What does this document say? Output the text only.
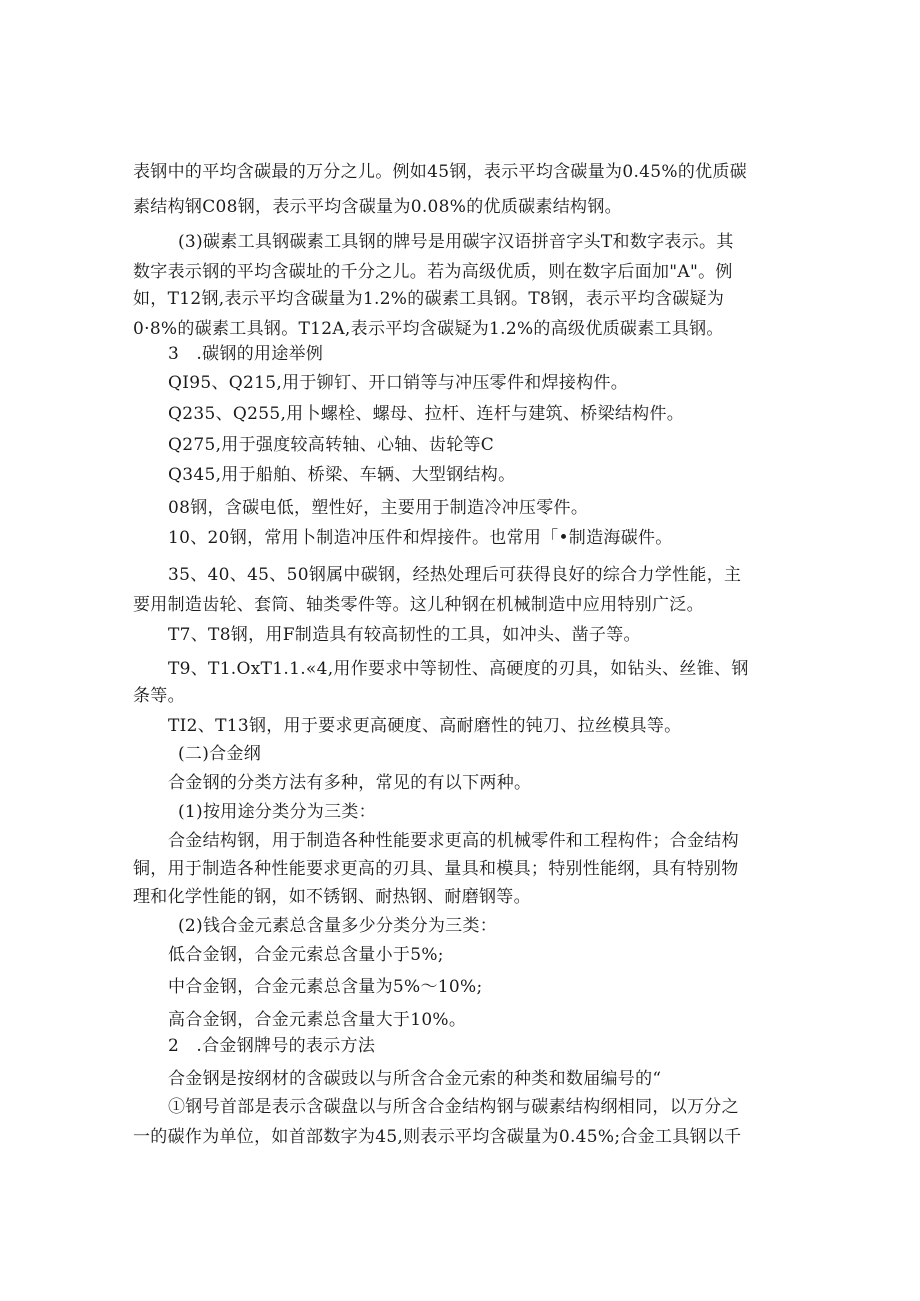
表钢中的平均含碳最的万分之儿。例如45钢，表示平均含碳量为0.45%的优质碳
素结构钢C08钢，表示平均含碳量为0.08%的优质碳素结构钢。
(3)碳素工具钢碳素工具钢的牌号是用碳字汉语拼音字头T和数字表示。其
数字表示钢的平均含碳址的千分之儿。若为高级优质，则在数字后面加"A"。例
如，T12钢,表示平均含碳量为1.2%的碳素工具钢。T8钢，表示平均含碳疑为
0·8%的碳素工具钢。T12A,表示平均含碳疑为1.2%的高级优质碳素工具钢。
3　.碳钢的用途举例
QI95、Q215,用于铆钉、开口销等与冲压零件和焊接构件。
Q235、Q255,用卜螺栓、螺母、拉杆、连杆与建筑、桥梁结构件。
Q275,用于强度较高转轴、心轴、齿轮等C
Q345,用于船舶、桥梁、车辆、大型钢结构。
08钢，含碳电低，塑性好，主要用于制造冷冲压零件。
10、20钢，常用卜制造冲压件和焊接件。也常用「•制造海碳件。
35、40、45、50钢属中碳钢，经热处理后可获得良好的综合力学性能，主
要用制造齿轮、套筒、轴类零件等。这儿种钢在机械制造中应用特别广泛。
T7、T8钢，用F制造具有较高韧性的工具，如冲头、凿子等。
T9、T1.OxT1.1.«4,用作要求中等韧性、高硬度的刃具，如钻头、丝锥、钢
条等。
TI2、T13钢，用于要求更高硬度、高耐磨性的钝刀、拉丝模具等。
(二)合金纲
合金钢的分类方法有多种，常见的有以下两种。
(1)按用途分类分为三类：
合金结构钢，用于制造各种性能要求更高的机械零件和工程构件；合金结构
铜，用于制造各种性能要求更高的刃具、量具和模具；特别性能纲，具有特别物
理和化学性能的钢，如不锈钢、耐热钢、耐磨钢等。
(2)钱合金元素总含量多少分类分为三类：
低合金钢，合金元索总含量小于5%;
中合金钢，合金元素总含量为5%～10%;
高合金钢，合金元素总含量大于10%。
2　.合金钢牌号的表示方法
合金钢是按纲材的含碳豉以与所含合金元索的种类和数届编号的“
①钢号首部是表示含碳盘以与所含合金结构钢与碳素结构纲相同，以万分之
一的碳作为单位，如首部数字为45,则表示平均含碳量为0.45%;合金工具钢以千
